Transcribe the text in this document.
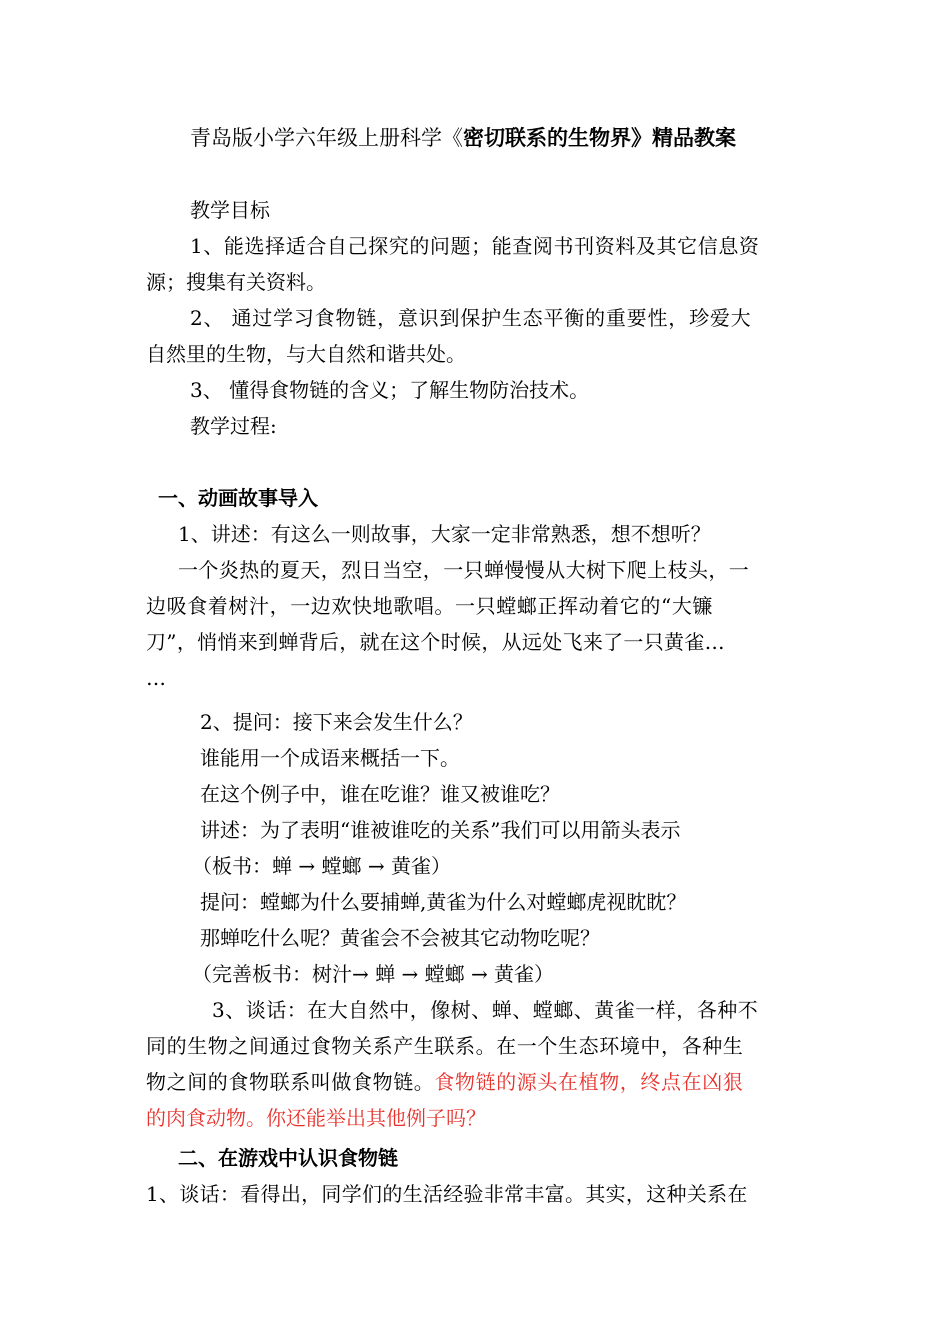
青岛版小学六年级上册科学《密切联系的生物界》精品教案
教学目标
1、能选择适合自己探究的问题；能查阅书刊资料及其它信息资
源；搜集有关资料。
2、 通过学习食物链，意识到保护生态平衡的重要性，珍爱大
自然里的生物，与大自然和谐共处。
3、 懂得食物链的含义；了解生物防治技术。
教学过程:
一、动画故事导入
1、讲述：有这么一则故事，大家一定非常熟悉，想不想听？
一个炎热的夏天，烈日当空，一只蝉慢慢从大树下爬上枝头，一
边吸食着树汁，一边欢快地歌唱。一只螳螂正挥动着它的“大镰
刀”，悄悄来到蝉背后，就在这个时候，从远处飞来了一只黄雀…
…
2、提问：接下来会发生什么？
谁能用一个成语来概括一下。
在这个例子中，谁在吃谁？谁又被谁吃？
讲述：为了表明“谁被谁吃的关系”我们可以用箭头表示
（板书：蝉 → 螳螂 → 黄雀）
提问：螳螂为什么要捕蝉,黄雀为什么对螳螂虎视眈眈？
那蝉吃什么呢？黄雀会不会被其它动物吃呢？
（完善板书：树汁→ 蝉 → 螳螂 → 黄雀）
3、谈话：在大自然中，像树、蝉、螳螂、黄雀一样，各种不
同的生物之间通过食物关系产生联系。在一个生态环境中，各种生
物之间的食物联系叫做食物链。食物链的源头在植物，终点在凶狠
的肉食动物。你还能举出其他例子吗？
二、在游戏中认识食物链
1、谈话：看得出，同学们的生活经验非常丰富。其实，这种关系在
